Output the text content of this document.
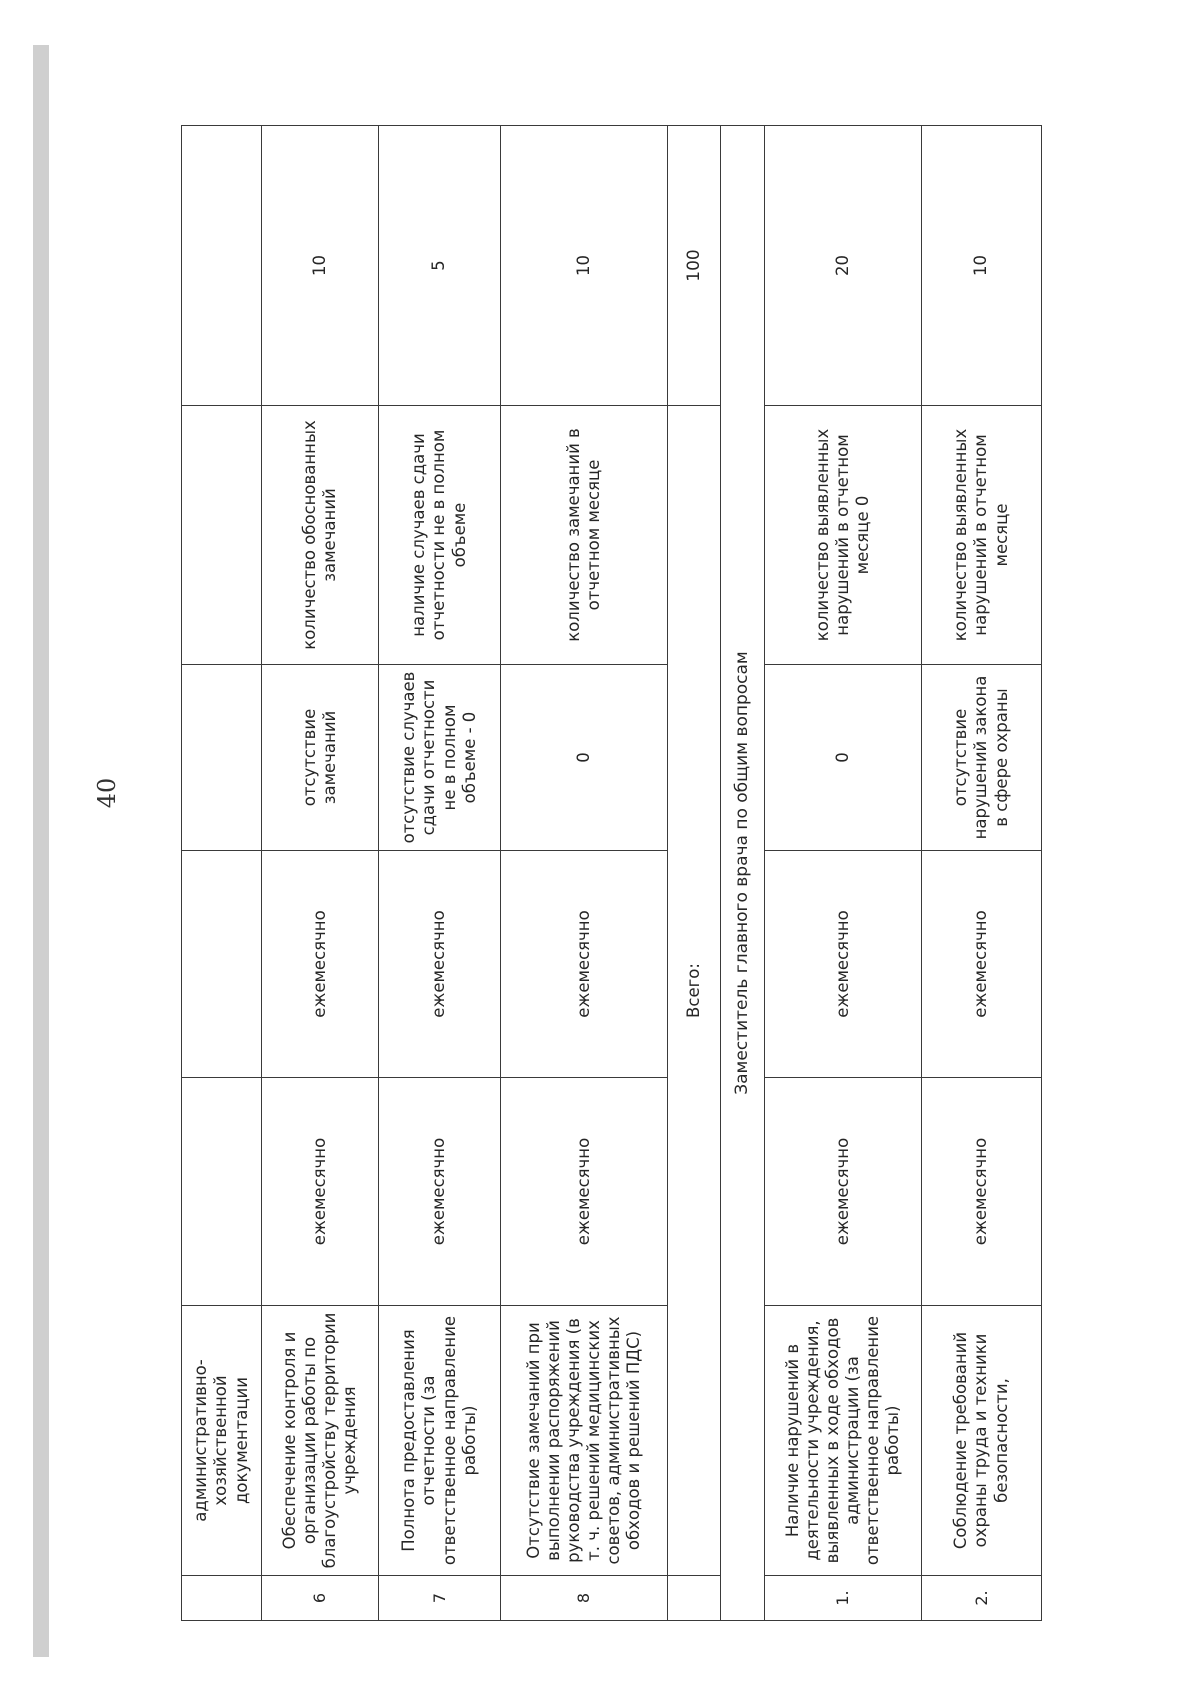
40
	административно-хозяйственной документации					
6	Обеспечение контроля и организации работы по благоустройству территории учреждения	ежемесячно	ежемесячно	отсутствие замечаний	количество обоснованных замечаний	10
7	Полнота предоставления отчетности (за ответственное направление работы)	ежемесячно	ежемесячно	отсутствие случаев сдачи отчетности не в полном объеме - 0	наличие случаев сдачи отчетности не в полном объеме	5
8	Отсутствие замечаний при выполнении распоряжений руководства учреждения (в т. ч. решений медицинских советов, административных обходов и решений ПДС)	ежемесячно	ежемесячно	0	количество замечаний в отчетном месяце	10
	Всего:					100
Заместитель главного врача по общим вопросам						
1.	Наличие нарушений в деятельности учреждения, выявленных в ходе обходов администрации (за ответственное направление работы)	ежемесячно	ежемесячно	0	количество выявленных нарушений в отчетном месяце 0	20
2.	Соблюдение требований охраны труда и техники безопасности,	ежемесячно	ежемесячно	отсутствие нарушений закона в сфере охраны	количество выявленных нарушений в отчетном месяце	10
